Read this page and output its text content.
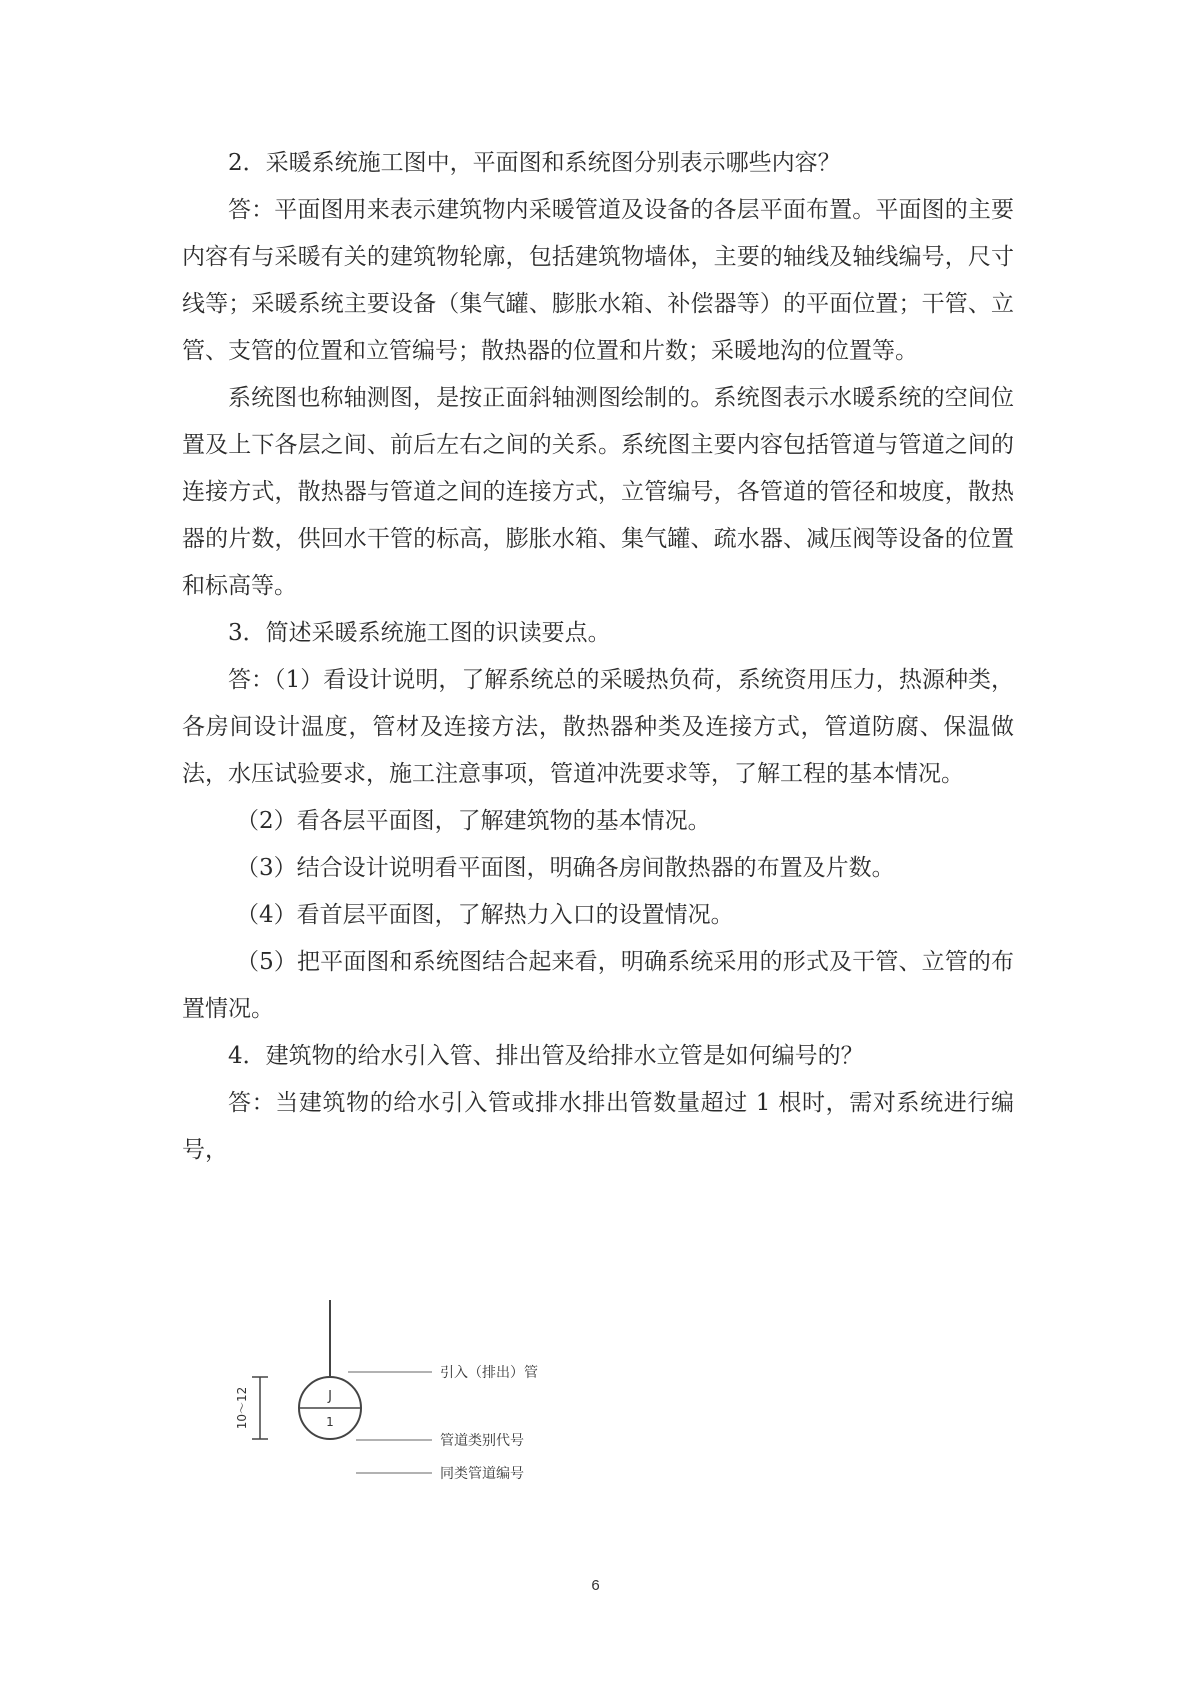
2．采暖系统施工图中，平面图和系统图分别表示哪些内容？

答：平面图用来表示建筑物内采暖管道及设备的各层平面布置。平面图的主要内容有与采暖有关的建筑物轮廓，包括建筑物墙体，主要的轴线及轴线编号，尺寸线等；采暖系统主要设备（集气罐、膨胀水箱、补偿器等）的平面位置；干管、立管、支管的位置和立管编号；散热器的位置和片数；采暖地沟的位置等。

系统图也称轴测图，是按正面斜轴测图绘制的。系统图表示水暖系统的空间位置及上下各层之间、前后左右之间的关系。系统图主要内容包括管道与管道之间的连接方式，散热器与管道之间的连接方式，立管编号，各管道的管径和坡度，散热器的片数，供回水干管的标高，膨胀水箱、集气罐、疏水器、减压阀等设备的位置和标高等。

3．简述采暖系统施工图的识读要点。

答：（1）看设计说明，了解系统总的采暖热负荷，系统资用压力，热源种类，各房间设计温度，管材及连接方法，散热器种类及连接方式，管道防腐、保温做法，水压试验要求，施工注意事项，管道冲洗要求等，了解工程的基本情况。

（2）看各层平面图，了解建筑物的基本情况。

（3）结合设计说明看平面图，明确各房间散热器的布置及片数。

（4）看首层平面图，了解热力入口的设置情况。

（5）把平面图和系统图结合起来看，明确系统采用的形式及干管、立管的布置情况。

4．建筑物的给水引入管、排出管及给排水立管是如何编号的？

答：当建筑物的给水引入管或排水排出管数量超过 1 根时，需对系统进行编号，

J
1
引入（排出）管
管道类别代号
同类管道编号
10～12
6
